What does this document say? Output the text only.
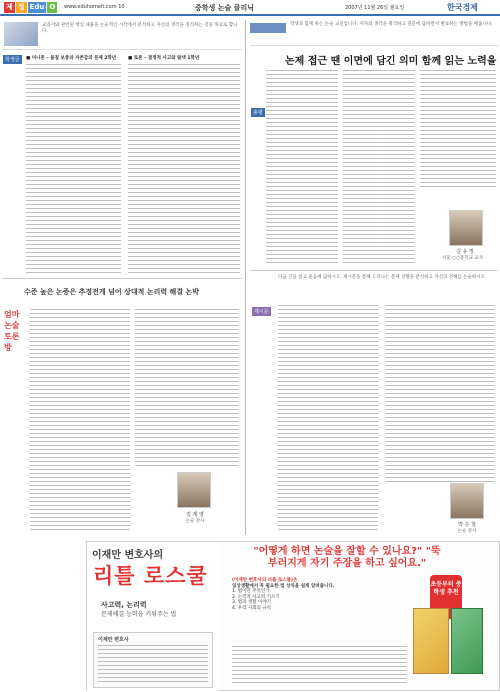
제 경 Edu O	www.eduhomeit.com 10	중학생 논술 클리닉	2007년 11월 26일 월요일	한국경제
교과서와 관련된 핵심 내용을 논술적인 시각에서 분석하고 자신의 생각을 정리하는 것을 목표로 합니다.
학생글	■ 미니톤 – 물질 보충과 자존감의 문제 2학년	■ 토론 – 결정적 사고와 탐색 1학년
학생과 함께 하는 논술 교실입니다. 저자의 생각을 정리하고 질문에 답하면서 발표하는 방법을 배웁니다.
논제 접근 땐 이면에 담긴 의미 함께 읽는 노력을
총평
김 유 정
서울 ○○중학교 교사
수준 높은 논증은 추정전개 넘어 상대적 논리력 해결 논박
엄마 논술 토론방
김 계 영
논술 강사
다음 글을 읽고 물음에 답하시오. 제시문을 통해 드러나는 문제 상황을 분석하고 자신의 견해를 논술하시오.
제시문
박 은 철
논술 강사
이재만 변호사의
리틀 로스쿨
사고력, 논리력
문제해결 능력을 키워주는 법
이재만 변호사
"어떻게 하면 논술을 잘할 수 있나요?" "뚝 부러지게 자기 주장을 하고 싶어요."
(이재만 변호사의 리틀 로스쿨)은
일상생활에서 꼭 필요한 법 상식을 쉽게 알려줍니다.
1. 법이란 무엇인가
2. 논리적 사고력 기르기
3. 법과 생활 이야기
4. 우리 사회의 규칙
초등부터 중학생 추천
